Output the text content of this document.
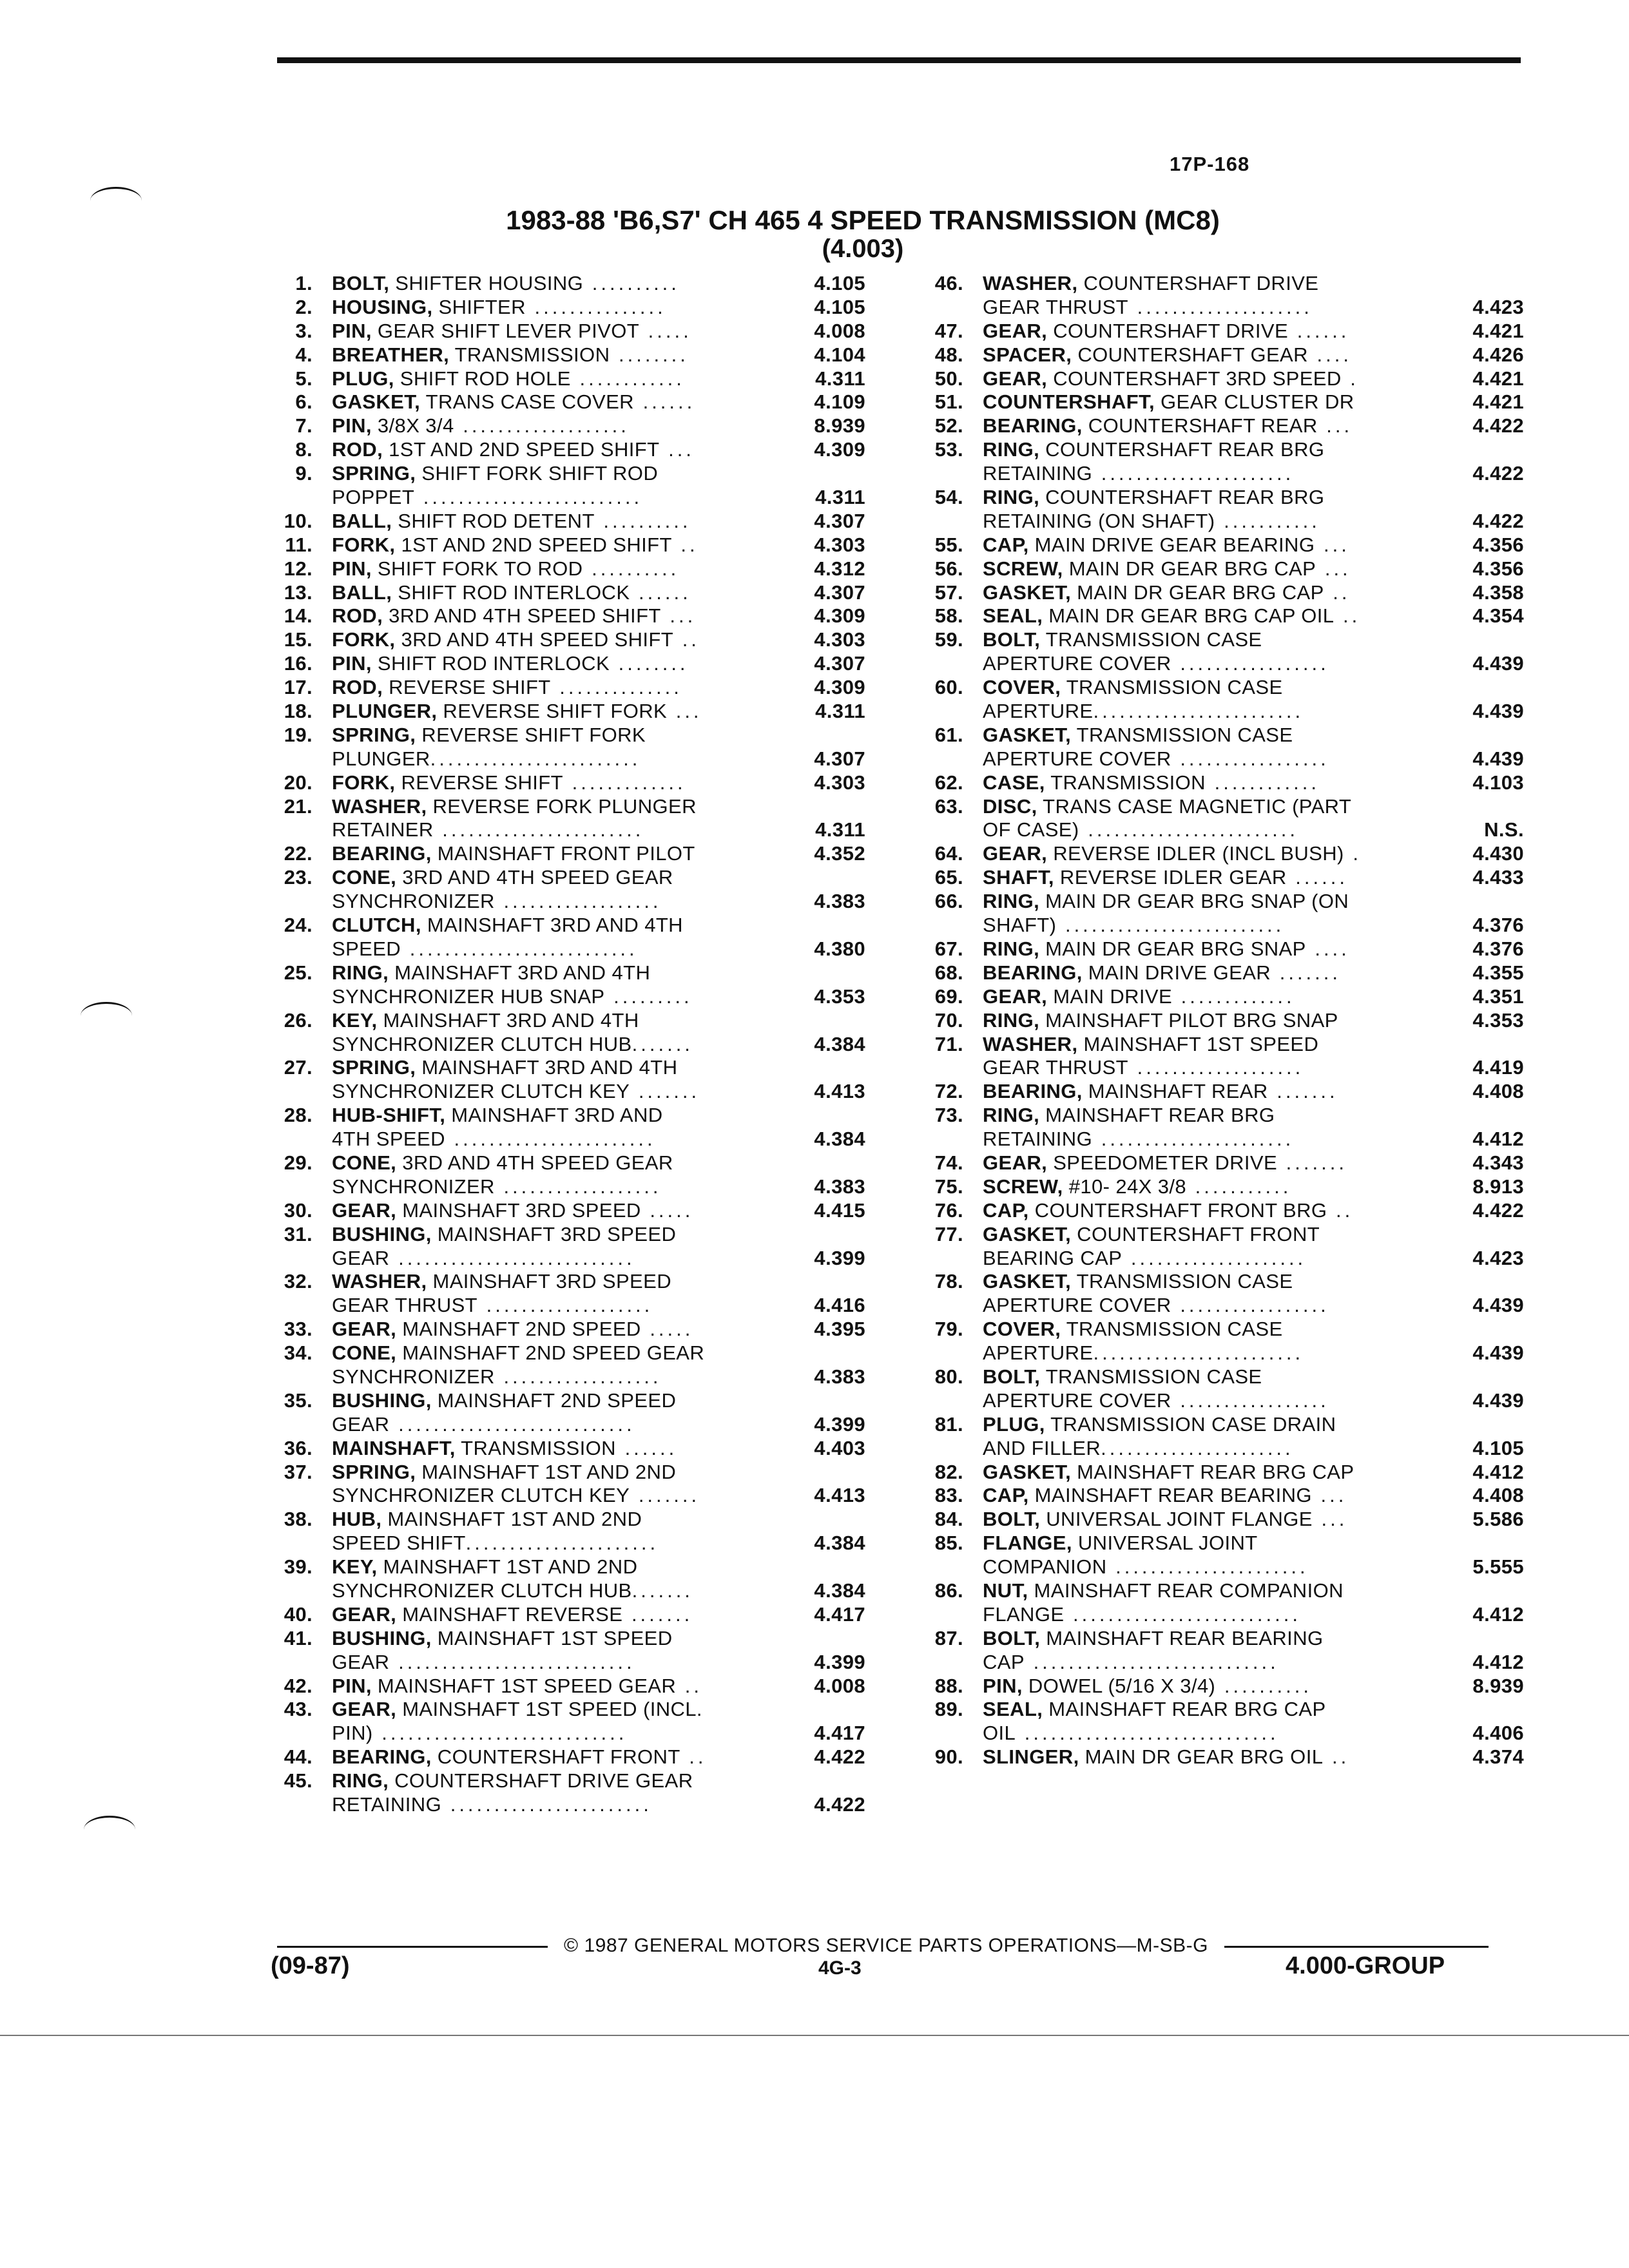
17P-168
1983-88 'B6,S7' CH 465 4 SPEED TRANSMISSION (MC8)
(4.003)
1. BOLT, SHIFTER HOUSING ..........	4.105
2. HOUSING, SHIFTER ...............	4.105
3. PIN, GEAR SHIFT LEVER PIVOT .....	4.008
4. BREATHER, TRANSMISSION ........	4.104
5. PLUG, SHIFT ROD HOLE ............	4.311
6. GASKET, TRANS CASE COVER ......	4.109
7. PIN, 3/8X 3/4 ...................	8.939
8. ROD, 1ST AND 2ND SPEED SHIFT ...	4.309
9. SPRING, SHIFT FORK SHIFT ROD
POPPET .........................	4.311
10. BALL, SHIFT ROD DETENT ..........	4.307
11. FORK, 1ST AND 2ND SPEED SHIFT ..	4.303
12. PIN, SHIFT FORK TO ROD ..........	4.312
13. BALL, SHIFT ROD INTERLOCK ......	4.307
14. ROD, 3RD AND 4TH SPEED SHIFT ...	4.309
15. FORK, 3RD AND 4TH SPEED SHIFT ..	4.303
16. PIN, SHIFT ROD INTERLOCK ........	4.307
17. ROD, REVERSE SHIFT ..............	4.309
18. PLUNGER, REVERSE SHIFT FORK ...	4.311
19. SPRING, REVERSE SHIFT FORK
PLUNGER........................	4.307
20. FORK, REVERSE SHIFT .............	4.303
21. WASHER, REVERSE FORK PLUNGER
RETAINER .......................	4.311
22. BEARING, MAINSHAFT FRONT PILOT	4.352
23. CONE, 3RD AND 4TH SPEED GEAR
SYNCHRONIZER ..................	4.383
24. CLUTCH, MAINSHAFT 3RD AND 4TH
SPEED ..........................	4.380
25. RING, MAINSHAFT 3RD AND 4TH
SYNCHRONIZER HUB SNAP .........	4.353
26. KEY, MAINSHAFT 3RD AND 4TH
SYNCHRONIZER CLUTCH HUB.......	4.384
27. SPRING, MAINSHAFT 3RD AND 4TH
SYNCHRONIZER CLUTCH KEY .......	4.413
28. HUB-SHIFT, MAINSHAFT 3RD AND
4TH SPEED .......................	4.384
29. CONE, 3RD AND 4TH SPEED GEAR
SYNCHRONIZER ..................	4.383
30. GEAR, MAINSHAFT 3RD SPEED .....	4.415
31. BUSHING, MAINSHAFT 3RD SPEED
GEAR ...........................	4.399
32. WASHER, MAINSHAFT 3RD SPEED
GEAR THRUST ...................	4.416
33. GEAR, MAINSHAFT 2ND SPEED .....	4.395
34. CONE, MAINSHAFT 2ND SPEED GEAR
SYNCHRONIZER ..................	4.383
35. BUSHING, MAINSHAFT 2ND SPEED
GEAR ...........................	4.399
36. MAINSHAFT, TRANSMISSION ......	4.403
37. SPRING, MAINSHAFT 1ST AND 2ND
SYNCHRONIZER CLUTCH KEY .......	4.413
38. HUB, MAINSHAFT 1ST AND 2ND
SPEED SHIFT......................	4.384
39. KEY, MAINSHAFT 1ST AND 2ND
SYNCHRONIZER CLUTCH HUB.......	4.384
40. GEAR, MAINSHAFT REVERSE .......	4.417
41. BUSHING, MAINSHAFT 1ST SPEED
GEAR ...........................	4.399
42. PIN, MAINSHAFT 1ST SPEED GEAR ..	4.008
43. GEAR, MAINSHAFT 1ST SPEED (INCL.
PIN) ............................	4.417
44. BEARING, COUNTERSHAFT FRONT ..	4.422
45. RING, COUNTERSHAFT DRIVE GEAR
RETAINING .......................	4.422
46. WASHER, COUNTERSHAFT DRIVE
GEAR THRUST ....................	4.423
47. GEAR, COUNTERSHAFT DRIVE ......	4.421
48. SPACER, COUNTERSHAFT GEAR ....	4.426
50. GEAR, COUNTERSHAFT 3RD SPEED .	4.421
51. COUNTERSHAFT, GEAR CLUSTER DR	4.421
52. BEARING, COUNTERSHAFT REAR ...	4.422
53. RING, COUNTERSHAFT REAR BRG
RETAINING ......................	4.422
54. RING, COUNTERSHAFT REAR BRG
RETAINING (ON SHAFT) ...........	4.422
55. CAP, MAIN DRIVE GEAR BEARING ...	4.356
56. SCREW, MAIN DR GEAR BRG CAP ...	4.356
57. GASKET, MAIN DR GEAR BRG CAP ..	4.358
58. SEAL, MAIN DR GEAR BRG CAP OIL ..	4.354
59. BOLT, TRANSMISSION CASE
APERTURE COVER .................	4.439
60. COVER, TRANSMISSION CASE
APERTURE........................	4.439
61. GASKET, TRANSMISSION CASE
APERTURE COVER .................	4.439
62. CASE, TRANSMISSION ............	4.103
63. DISC, TRANS CASE MAGNETIC (PART
OF CASE) ........................	N.S.
64. GEAR, REVERSE IDLER (INCL BUSH) .	4.430
65. SHAFT, REVERSE IDLER GEAR ......	4.433
66. RING, MAIN DR GEAR BRG SNAP (ON
SHAFT) .........................	4.376
67. RING, MAIN DR GEAR BRG SNAP ....	4.376
68. BEARING, MAIN DRIVE GEAR .......	4.355
69. GEAR, MAIN DRIVE .............	4.351
70. RING, MAINSHAFT PILOT BRG SNAP	4.353
71. WASHER, MAINSHAFT 1ST SPEED
GEAR THRUST ...................	4.419
72. BEARING, MAINSHAFT REAR .......	4.408
73. RING, MAINSHAFT REAR BRG
RETAINING ......................	4.412
74. GEAR, SPEEDOMETER DRIVE .......	4.343
75. SCREW, #10- 24X 3/8 ...........	8.913
76. CAP, COUNTERSHAFT FRONT BRG ..	4.422
77. GASKET, COUNTERSHAFT FRONT
BEARING CAP ....................	4.423
78. GASKET, TRANSMISSION CASE
APERTURE COVER .................	4.439
79. COVER, TRANSMISSION CASE
APERTURE........................	4.439
80. BOLT, TRANSMISSION CASE
APERTURE COVER .................	4.439
81. PLUG, TRANSMISSION CASE DRAIN
AND FILLER......................	4.105
82. GASKET, MAINSHAFT REAR BRG CAP	4.412
83. CAP, MAINSHAFT REAR BEARING ...	4.408
84. BOLT, UNIVERSAL JOINT FLANGE ...	5.586
85. FLANGE, UNIVERSAL JOINT
COMPANION ......................	5.555
86. NUT, MAINSHAFT REAR COMPANION
FLANGE ..........................	4.412
87. BOLT, MAINSHAFT REAR BEARING
CAP ............................	4.412
88. PIN, DOWEL (5/16 X 3/4) ..........	8.939
89. SEAL, MAINSHAFT REAR BRG CAP
OIL .............................	4.406
90. SLINGER, MAIN DR GEAR BRG OIL ..	4.374
© 1987 GENERAL MOTORS SERVICE PARTS OPERATIONS—M-SB-G
(09-87)	4G-3	4.000-GROUP
